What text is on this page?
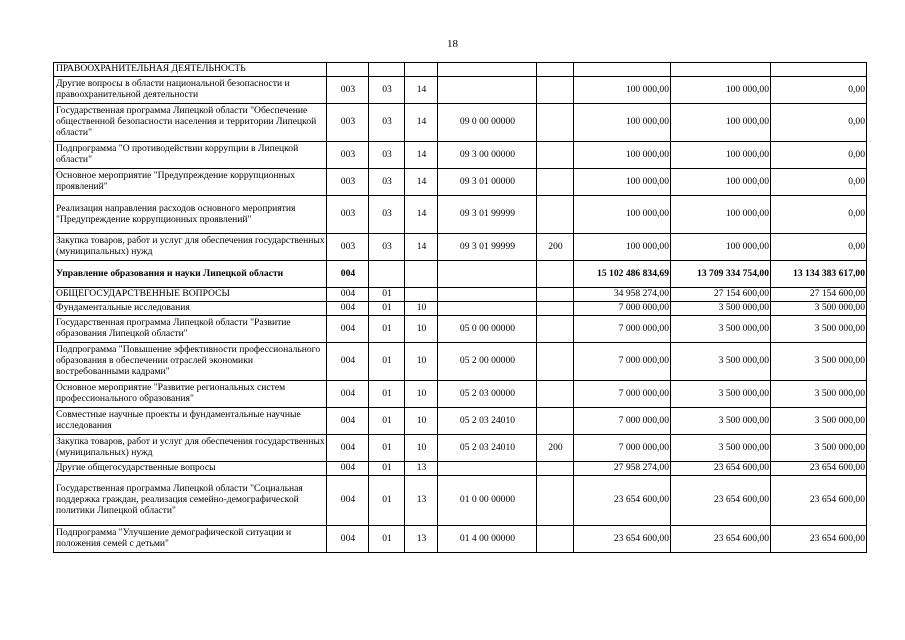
18
ПРАВООХРАНИТЕЛЬНАЯ ДЕЯТЕЛЬНОСТЬ								
Другие вопросы в области национальной безопасности и правоохранительной деятельности	003	03	14			100 000,00	100 000,00	0,00
Государственная программа Липецкой области "Обеспечение общественной безопасности населения и территории Липецкой области"	003	03	14	09 0 00 00000		100 000,00	100 000,00	0,00
Подпрограмма "О противодействии коррупции в Липецкой области"	003	03	14	09 3 00 00000		100 000,00	100 000,00	0,00
Основное мероприятие "Предупреждение коррупционных проявлений"	003	03	14	09 3 01 00000		100 000,00	100 000,00	0,00
Реализация направления расходов основного мероприятия "Предупреждение коррупционных проявлений"	003	03	14	09 3 01 99999		100 000,00	100 000,00	0,00
Закупка товаров, работ и услуг для обеспечения государственных (муниципальных) нужд	003	03	14	09 3 01 99999	200	100 000,00	100 000,00	0,00
Управление образования и науки Липецкой области	004					15 102 486 834,69	13 709 334 754,00	13 134 383 617,00
ОБЩЕГОСУДАРСТВЕННЫЕ ВОПРОСЫ	004	01				34 958 274,00	27 154 600,00	27 154 600,00
Фундаментальные исследования	004	01	10			7 000 000,00	3 500 000,00	3 500 000,00
Государственная программа Липецкой области "Развитие образования Липецкой области"	004	01	10	05 0 00 00000		7 000 000,00	3 500 000,00	3 500 000,00
Подпрограмма "Повышение эффективности профессионального образования в обеспечении отраслей экономики востребованными кадрами"	004	01	10	05 2 00 00000		7 000 000,00	3 500 000,00	3 500 000,00
Основное мероприятие "Развитие региональных систем профессионального образования"	004	01	10	05 2 03 00000		7 000 000,00	3 500 000,00	3 500 000,00
Совместные научные проекты и фундаментальные научные исследования	004	01	10	05 2 03 24010		7 000 000,00	3 500 000,00	3 500 000,00
Закупка товаров, работ и услуг для обеспечения государственных (муниципальных) нужд	004	01	10	05 2 03 24010	200	7 000 000,00	3 500 000,00	3 500 000,00
Другие общегосударственные вопросы	004	01	13			27 958 274,00	23 654 600,00	23 654 600,00
Государственная программа Липецкой области "Социальная поддержка граждан, реализация семейно-демографической политики Липецкой области"	004	01	13	01 0 00 00000		23 654 600,00	23 654 600,00	23 654 600,00
Подпрограмма "Улучшение демографической ситуации и положения семей с детьми"	004	01	13	01 4 00 00000		23 654 600,00	23 654 600,00	23 654 600,00
